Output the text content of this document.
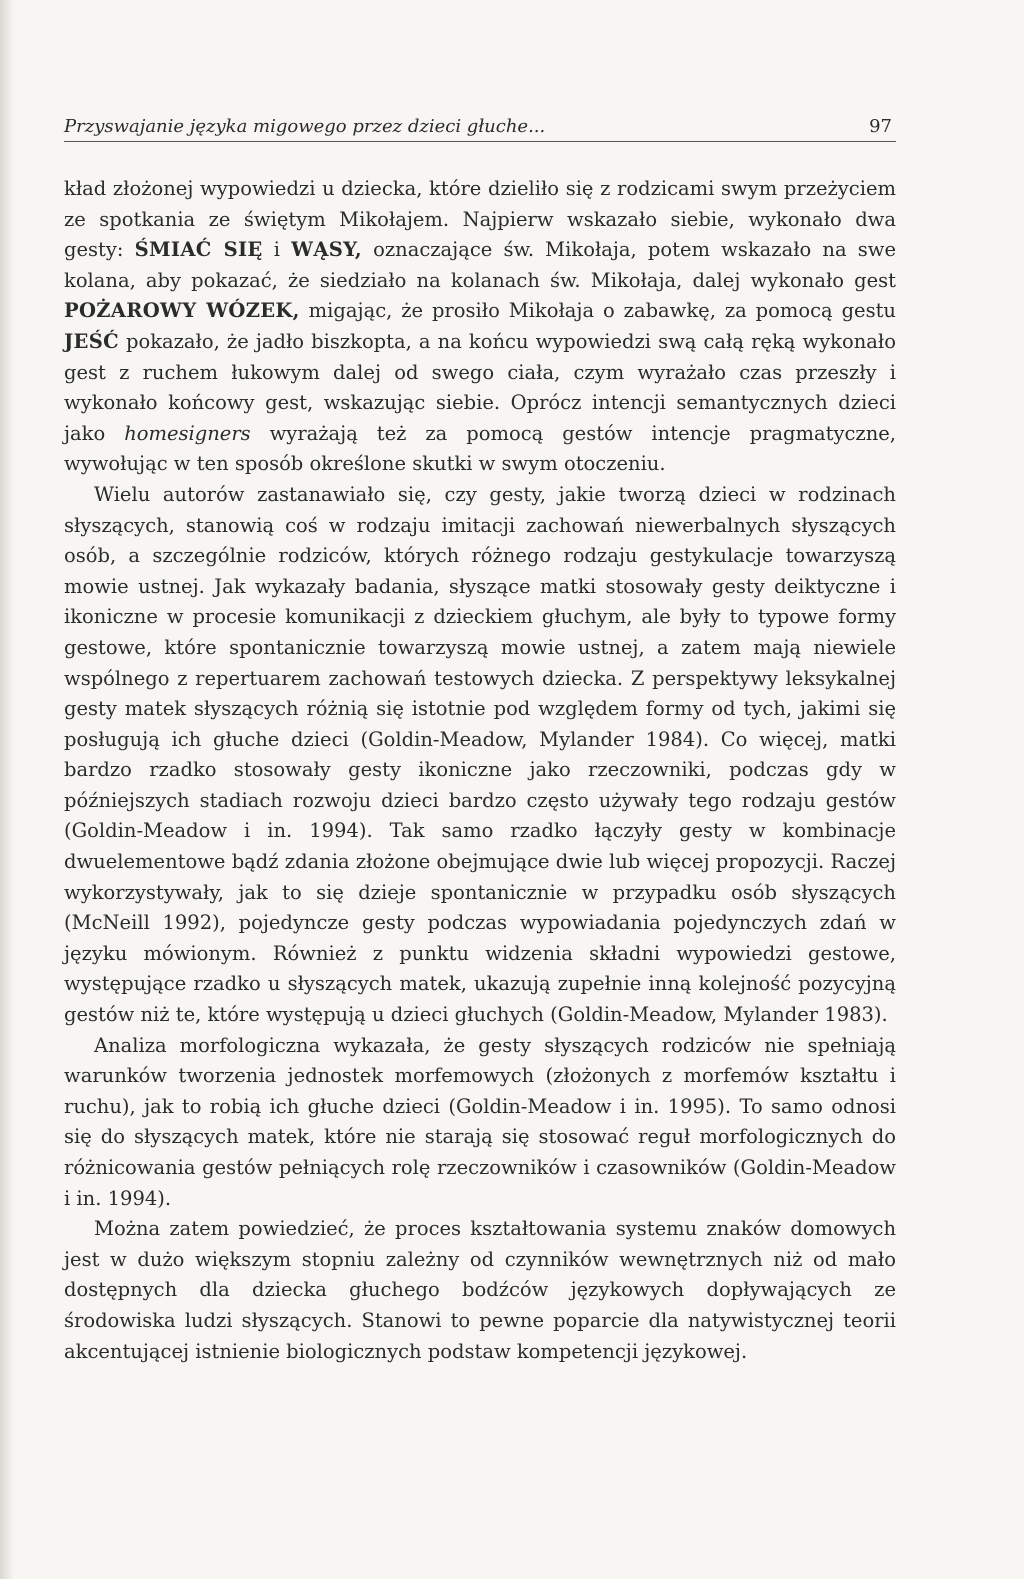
Przyswajanie języka migowego przez dzieci głuche...	97

kład złożonej wypowiedzi u dziecka, które dzieliło się z rodzicami swym przeżyciem ze spotkania ze świętym Mikołajem. Najpierw wskazało siebie, wykonało dwa gesty: ŚMIAĆ SIĘ i WĄSY, oznaczające św. Mikołaja, potem wskazało na swe kolana, aby pokazać, że siedziało na kolanach św. Mikołaja, dalej wykonało gest POŻAROWY WÓZEK, migając, że prosiło Mikołaja o zabawkę, za pomocą gestu JEŚĆ pokazało, że jadło biszkopta, a na końcu wypowiedzi swą całą ręką wykonało gest z ruchem łukowym dalej od swego ciała, czym wyrażało czas przeszły i wykonało końcowy gest, wskazując siebie. Oprócz intencji semantycznych dzieci jako homesigners wyrażają też za pomocą gestów intencje pragmatyczne, wywołując w ten sposób określone skutki w swym otoczeniu.

Wielu autorów zastanawiało się, czy gesty, jakie tworzą dzieci w rodzinach słyszących, stanowią coś w rodzaju imitacji zachowań niewerbalnych słyszących osób, a szczególnie rodziców, których różnego rodzaju gestykulacje towarzyszą mowie ustnej. Jak wykazały badania, słyszące matki stosowały gesty deiktyczne i ikoniczne w procesie komunikacji z dzieckiem głuchym, ale były to typowe formy gestowe, które spontanicznie towarzyszą mowie ustnej, a zatem mają niewiele wspólnego z repertuarem zachowań testowych dziecka. Z perspektywy leksykalnej gesty matek słyszących różnią się istotnie pod względem formy od tych, jakimi się posługują ich głuche dzieci (Goldin-Meadow, Mylander 1984). Co więcej, matki bardzo rzadko stosowały gesty ikoniczne jako rzeczowniki, podczas gdy w późniejszych stadiach rozwoju dzieci bardzo często używały tego rodzaju gestów (Goldin-Meadow i in. 1994). Tak samo rzadko łączyły gesty w kombinacje dwuelementowe bądź zdania złożone obejmujące dwie lub więcej propozycji. Raczej wykorzystywały, jak to się dzieje spontanicznie w przypadku osób słyszących (McNeill 1992), pojedyncze gesty podczas wypowiadania pojedynczych zdań w języku mówionym. Również z punktu widzenia składni wypowiedzi gestowe, występujące rzadko u słyszących matek, ukazują zupełnie inną kolejność pozycyjną gestów niż te, które występują u dzieci głuchych (Goldin-Meadow, Mylander 1983).

Analiza morfologiczna wykazała, że gesty słyszących rodziców nie spełniają warunków tworzenia jednostek morfemowych (złożonych z morfemów kształtu i ruchu), jak to robią ich głuche dzieci (Goldin-Meadow i in. 1995). To samo odnosi się do słyszących matek, które nie starają się stosować reguł morfologicznych do różnicowania gestów pełniących rolę rzeczowników i czasowników (Goldin-Meadow i in. 1994).

Można zatem powiedzieć, że proces kształtowania systemu znaków domowych jest w dużo większym stopniu zależny od czynników wewnętrznych niż od mało dostępnych dla dziecka głuchego bodźców językowych dopływających ze środowiska ludzi słyszących. Stanowi to pewne poparcie dla natywistycznej teorii akcentującej istnienie biologicznych podstaw kompetencji językowej.
